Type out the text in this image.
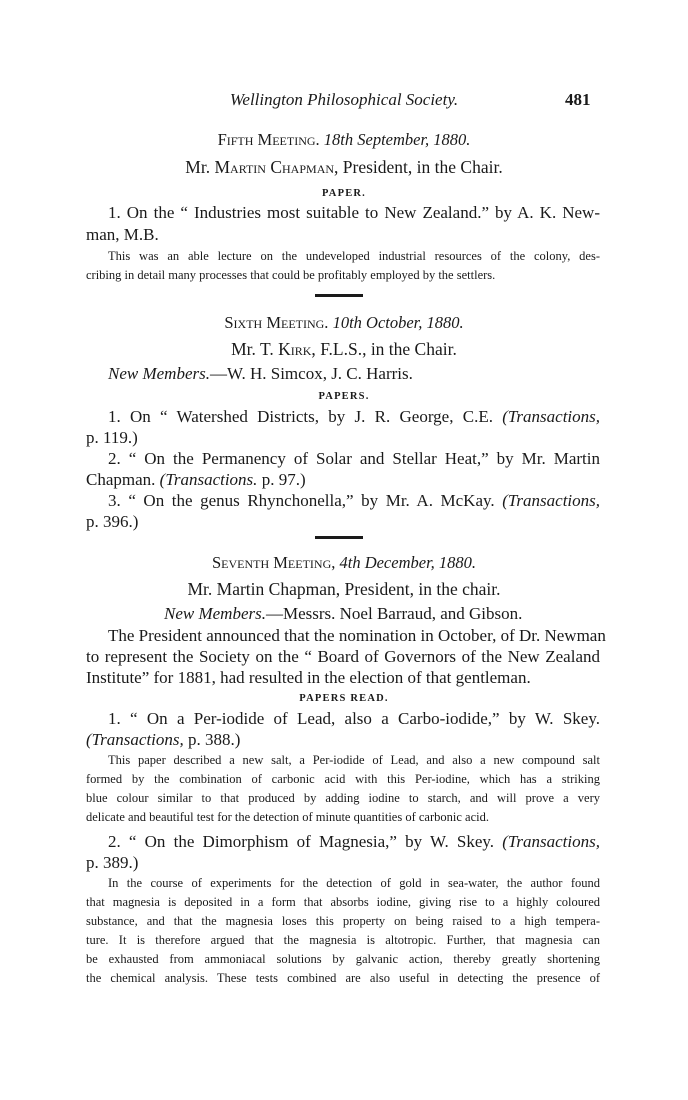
Wellington Philosophical Society.	481
Fifth Meeting. 18th September, 1880.
Mr. Martin Chapman, President, in the Chair.
PAPER.
1. On the “ Industries most suitable to New Zealand.” by A. K. New-
man, M.B.
This was an able lecture on the undeveloped industrial resources of the colony, des-
cribing in detail many processes that could be profitably employed by the settlers.
Sixth Meeting. 10th October, 1880.
Mr. T. Kirk, F.L.S., in the Chair.
New Members.—W. H. Simcox, J. C. Harris.
PAPERS.
1. On “ Watershed Districts, by J. R. George, C.E. (Transactions,
p. 119.)
2. “ On the Permanency of Solar and Stellar Heat,” by Mr. Martin
Chapman. (Transactions. p. 97.)
3. “ On the genus Rhynchonella,” by Mr. A. McKay. (Transactions,
p. 396.)
Seventh Meeting, 4th December, 1880.
Mr. Martin Chapman, President, in the chair.
New Members.—Messrs. Noel Barraud, and Gibson.
The President announced that the nomination in October, of Dr. Newman
to represent the Society on the “ Board of Governors of the New Zealand
Institute” for 1881, had resulted in the election of that gentleman.
PAPERS READ.
1. “ On a Per-iodide of Lead, also a Carbo-iodide,” by W. Skey.
(Transactions, p. 388.)
This paper described a new salt, a Per-iodide of Lead, and also a new compound salt
formed by the combination of carbonic acid with this Per-iodine, which has a striking
blue colour similar to that produced by adding iodine to starch, and will prove a very
delicate and beautiful test for the detection of minute quantities of carbonic acid.
2. “ On the Dimorphism of Magnesia,” by W. Skey. (Transactions,
p. 389.)
In the course of experiments for the detection of gold in sea-water, the author found
that magnesia is deposited in a form that absorbs iodine, giving rise to a highly coloured
substance, and that the magnesia loses this property on being raised to a high tempera-
ture. It is therefore argued that the magnesia is altotropic. Further, that magnesia can
be exhausted from ammoniacal solutions by galvanic action, thereby greatly shortening
the chemical analysis. These tests combined are also useful in detecting the presence of
